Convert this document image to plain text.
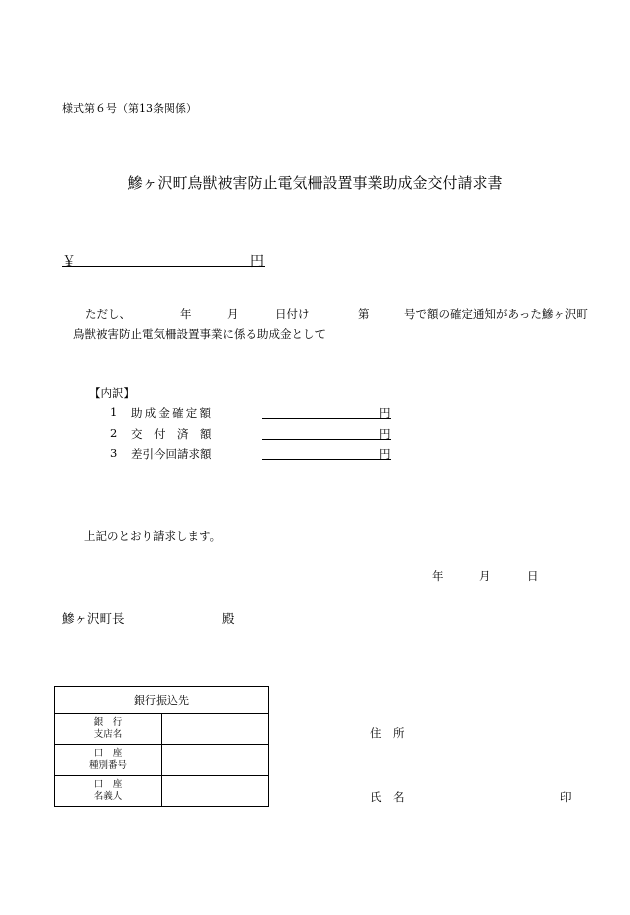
様式第６号（第13条関係）
鰺ヶ沢町鳥獣被害防止電気柵設置事業助成金交付請求書
￥	円
ただし、	年	月	日付け	第	号で額の確定通知があった鰺ヶ沢町
鳥獣被害防止電気柵設置事業に係る助成金として
【内訳】
1 助成金確定額	円
2 交　付　済　額	円
3 差引今回請求額	円
上記のとおり請求します。
年	月	日
鰺ヶ沢町長	殿
銀行振込先	

銀　行
支店名	

口　座
種別番号	

口　座
名義人	

住　所
氏　名	印
